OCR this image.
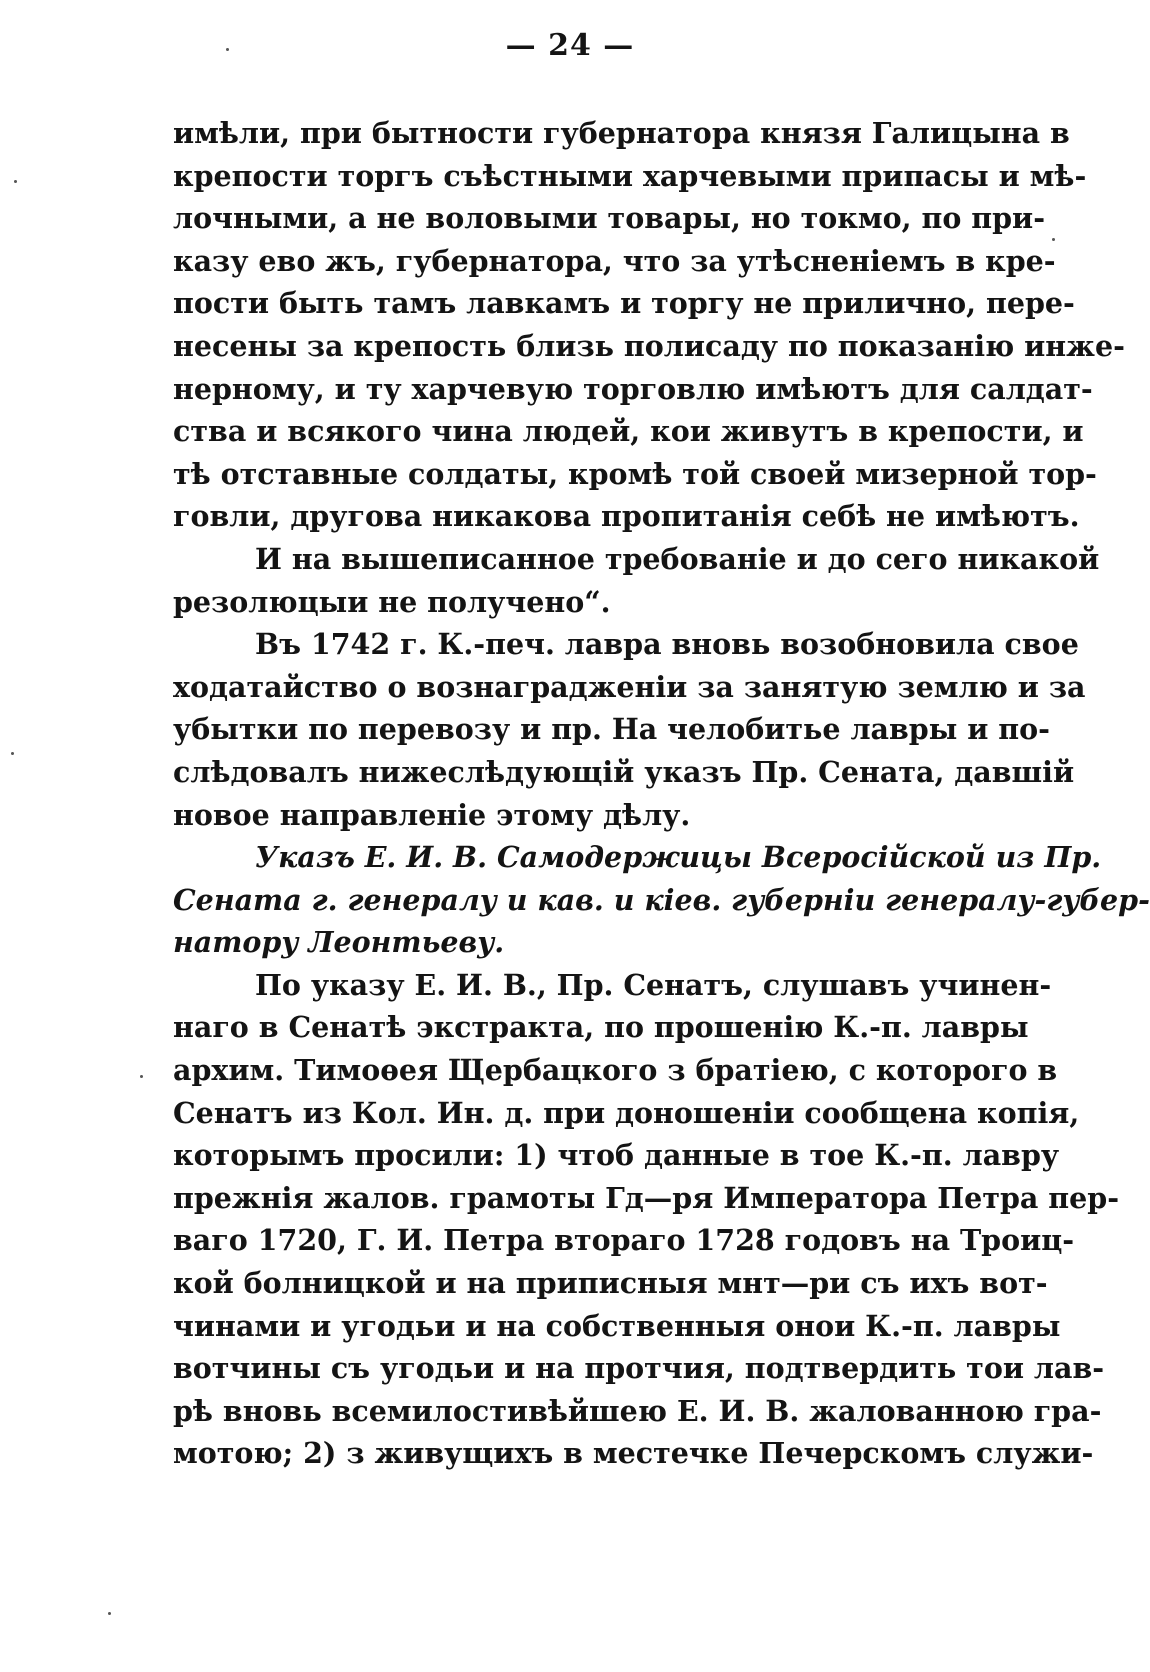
— 24 —
имѣли, при бытности губернатора князя Галицына в
крепости торгъ съѣстными харчевыми припасы и мѣ-
лочными, а не воловыми товары, но токмо, по при-
казу ево жъ, губернатора, что за утѣсненіемъ в кре-
пости быть тамъ лавкамъ и торгу не прилично, пере-
несены за крепость близь полисаду по показанію инже-
нерному, и ту харчевую торговлю имѣютъ для салдат-
ства и всякого чина людей, кои живутъ в крепости, и
тѣ отставные солдаты, кромѣ той своей мизерной тор-
говли, другова никакова пропитанія себѣ не имѣютъ.
И на вышеписанное требованіе и до сего никакой
резолюцыи не получено“.
Въ 1742 г. К.-печ. лавра вновь возобновила свое
ходатайство о вознаградженіи за занятую землю и за
убытки по перевозу и пр. На челобитье лавры и по-
слѣдовалъ нижеслѣдующій указъ Пр. Сената, давшій
новое направленіе этому дѣлу.
Указъ Е. И. В. Самодержицы Всеросійской из Пр.
Сената г. генералу и кав. и кіев. губерніи генералу-губер-
натору Леонтьеву.
По указу Е. И. В., Пр. Сенатъ, слушавъ учинен-
наго в Сенатѣ экстракта, по прошенію К.-п. лавры
архим. Тимоѳея Щербацкого з братіею, с которого в
Сенатъ из Кол. Ин. д. при доношеніи сообщена копія,
которымъ просили: 1) чтоб данные в тое К.-п. лавру
прежнія жалов. грамоты Гд—ря Императора Петра пер-
ваго 1720, Г. И. Петра втораго 1728 годовъ на Троиц-
кой болницкой и на приписныя мнт—ри съ ихъ вот-
чинами и угодьи и на собственныя онои К.-п. лавры
вотчины съ угодьи и на протчия, подтвердить тои лав-
рѣ вновь всемилостивѣйшею Е. И. В. жалованною гра-
мотою; 2) з живущихъ в местечке Печерскомъ служи-
